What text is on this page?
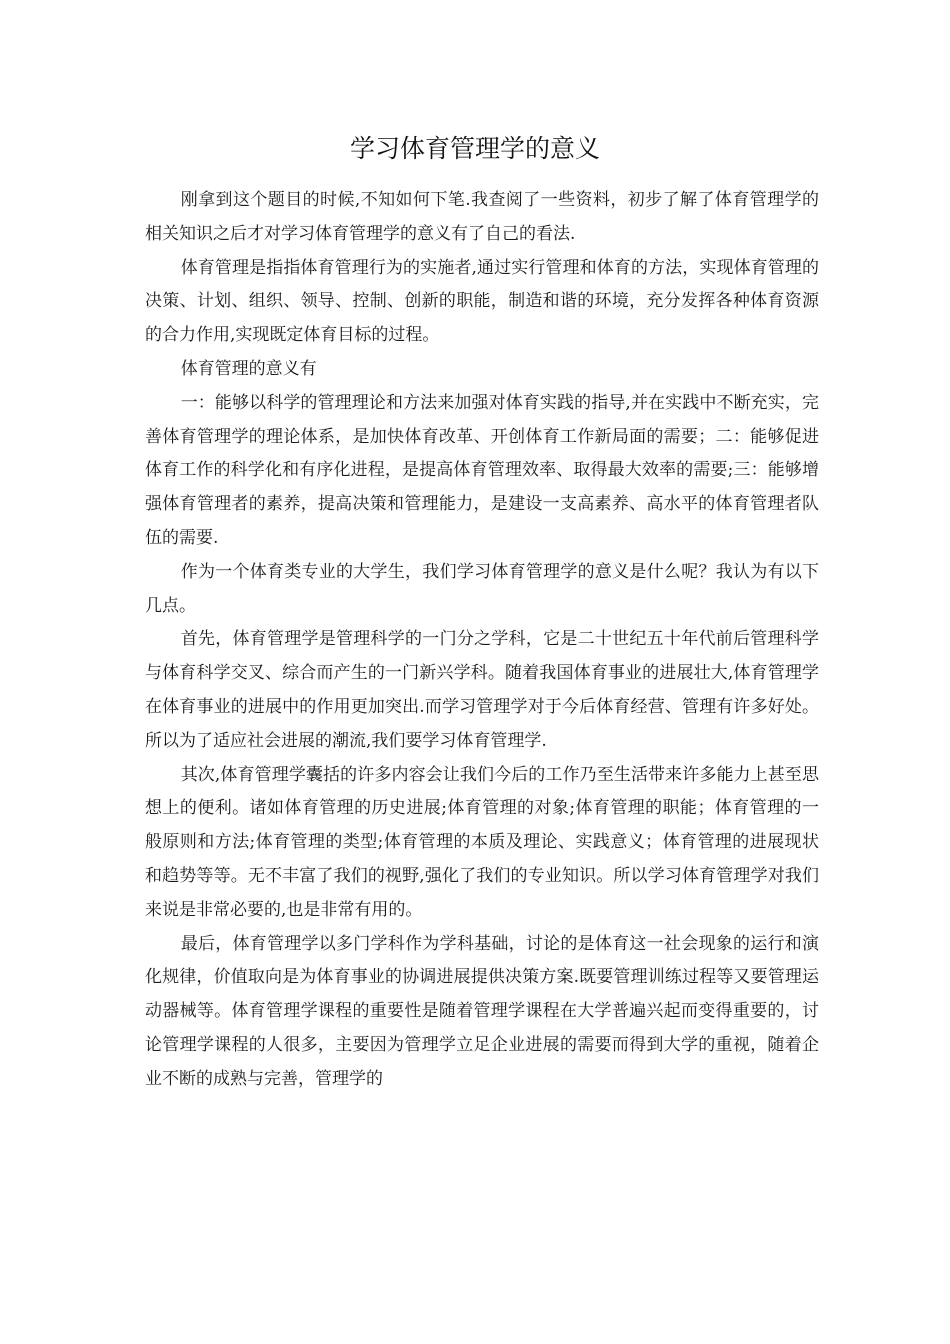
学习体育管理学的意义

刚拿到这个题目的时候,不知如何下笔.我查阅了一些资料，初步了解了体育管理学的相关知识之后才对学习体育管理学的意义有了自己的看法.

体育管理是指指体育管理行为的实施者,通过实行管理和体育的方法，实现体育管理的决策、计划、组织、领导、控制、创新的职能，制造和谐的环境，充分发挥各种体育资源的合力作用,实现既定体育目标的过程。

体育管理的意义有

一：能够以科学的管理理论和方法来加强对体育实践的指导,并在实践中不断充实，完善体育管理学的理论体系，是加快体育改革、开创体育工作新局面的需要；二：能够促进体育工作的科学化和有序化进程，是提高体育管理效率、取得最大效率的需要;三：能够增强体育管理者的素养，提高决策和管理能力，是建设一支高素养、高水平的体育管理者队伍的需要.

作为一个体育类专业的大学生，我们学习体育管理学的意义是什么呢？我认为有以下几点。

首先，体育管理学是管理科学的一门分之学科，它是二十世纪五十年代前后管理科学与体育科学交叉、综合而产生的一门新兴学科。随着我国体育事业的进展壮大,体育管理学在体育事业的进展中的作用更加突出.而学习管理学对于今后体育经营、管理有许多好处。所以为了适应社会进展的潮流,我们要学习体育管理学.

其次,体育管理学囊括的许多内容会让我们今后的工作乃至生活带来许多能力上甚至思想上的便利。诸如体育管理的历史进展;体育管理的对象;体育管理的职能；体育管理的一般原则和方法;体育管理的类型;体育管理的本质及理论、实践意义；体育管理的进展现状和趋势等等。无不丰富了我们的视野,强化了我们的专业知识。所以学习体育管理学对我们来说是非常必要的,也是非常有用的。

最后，体育管理学以多门学科作为学科基础，讨论的是体育这一社会现象的运行和演化规律，价值取向是为体育事业的协调进展提供决策方案.既要管理训练过程等又要管理运动器械等。体育管理学课程的重要性是随着管理学课程在大学普遍兴起而变得重要的，讨论管理学课程的人很多，主要因为管理学立足企业进展的需要而得到大学的重视，随着企业不断的成熟与完善，管理学的
